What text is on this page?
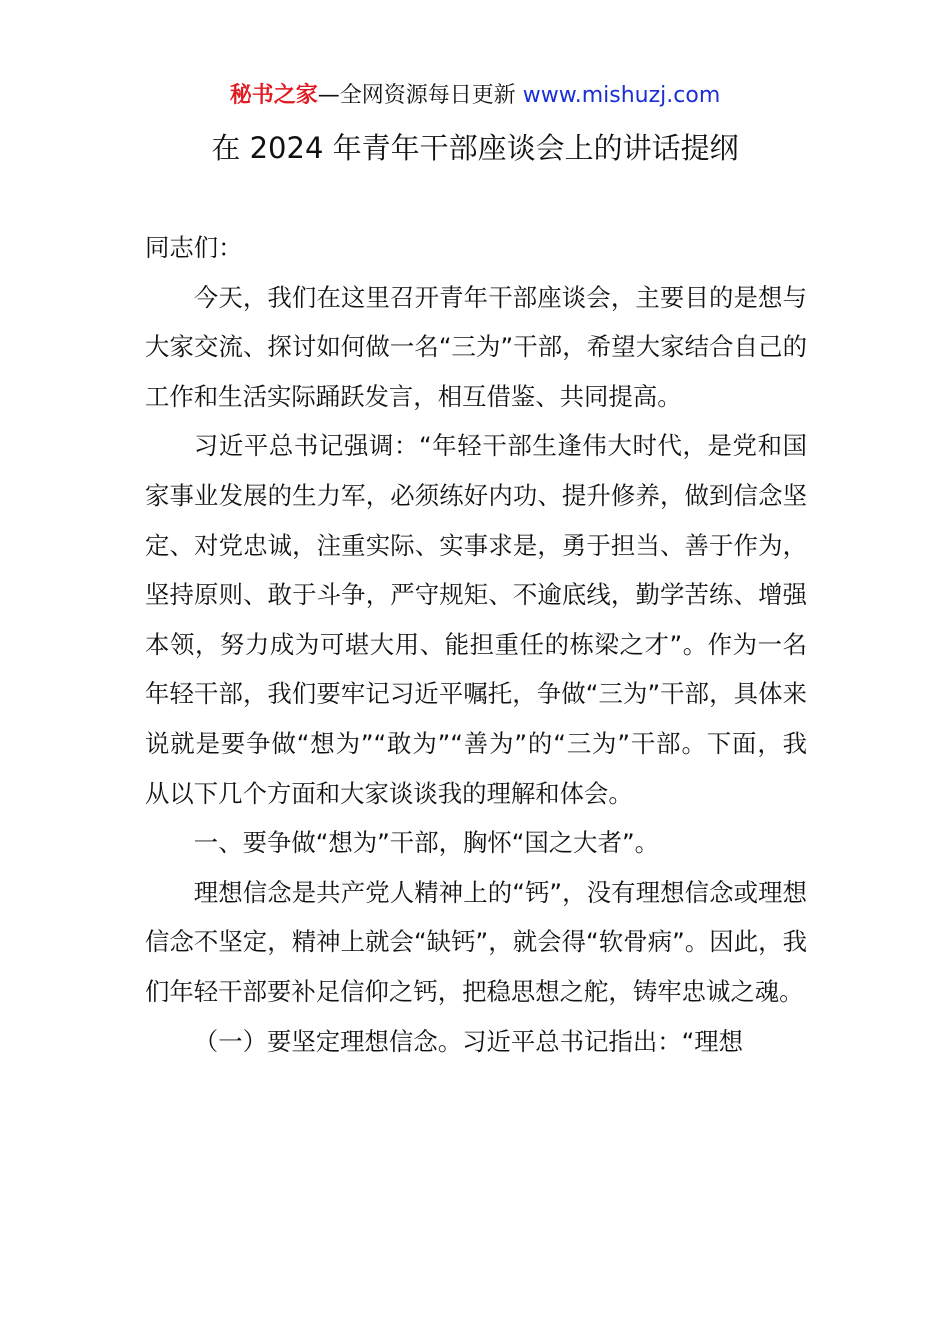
秘书之家—全网资源每日更新 www.mishuzj.com
在 2024 年青年干部座谈会上的讲话提纲

同志们：

今天，我们在这里召开青年干部座谈会，主要目的是想与大家交流、探讨如何做一名“三为”干部，希望大家结合自己的工作和生活实际踊跃发言，相互借鉴、共同提高。

习近平总书记强调：“年轻干部生逢伟大时代，是党和国家事业发展的生力军，必须练好内功、提升修养，做到信念坚定、对党忠诚，注重实际、实事求是，勇于担当、善于作为，坚持原则、敢于斗争，严守规矩、不逾底线，勤学苦练、增强本领，努力成为可堪大用、能担重任的栋梁之才”。作为一名年轻干部，我们要牢记习近平嘱托，争做“三为”干部，具体来说就是要争做“想为”“敢为”“善为”的“三为”干部。下面，我从以下几个方面和大家谈谈我的理解和体会。

一、要争做“想为”干部，胸怀“国之大者”。

理想信念是共产党人精神上的“钙”，没有理想信念或理想信念不坚定，精神上就会“缺钙”，就会得“软骨病”。因此，我们年轻干部要补足信仰之钙，把稳思想之舵，铸牢忠诚之魂。

（一）要坚定理想信念。习近平总书记指出：“理想
